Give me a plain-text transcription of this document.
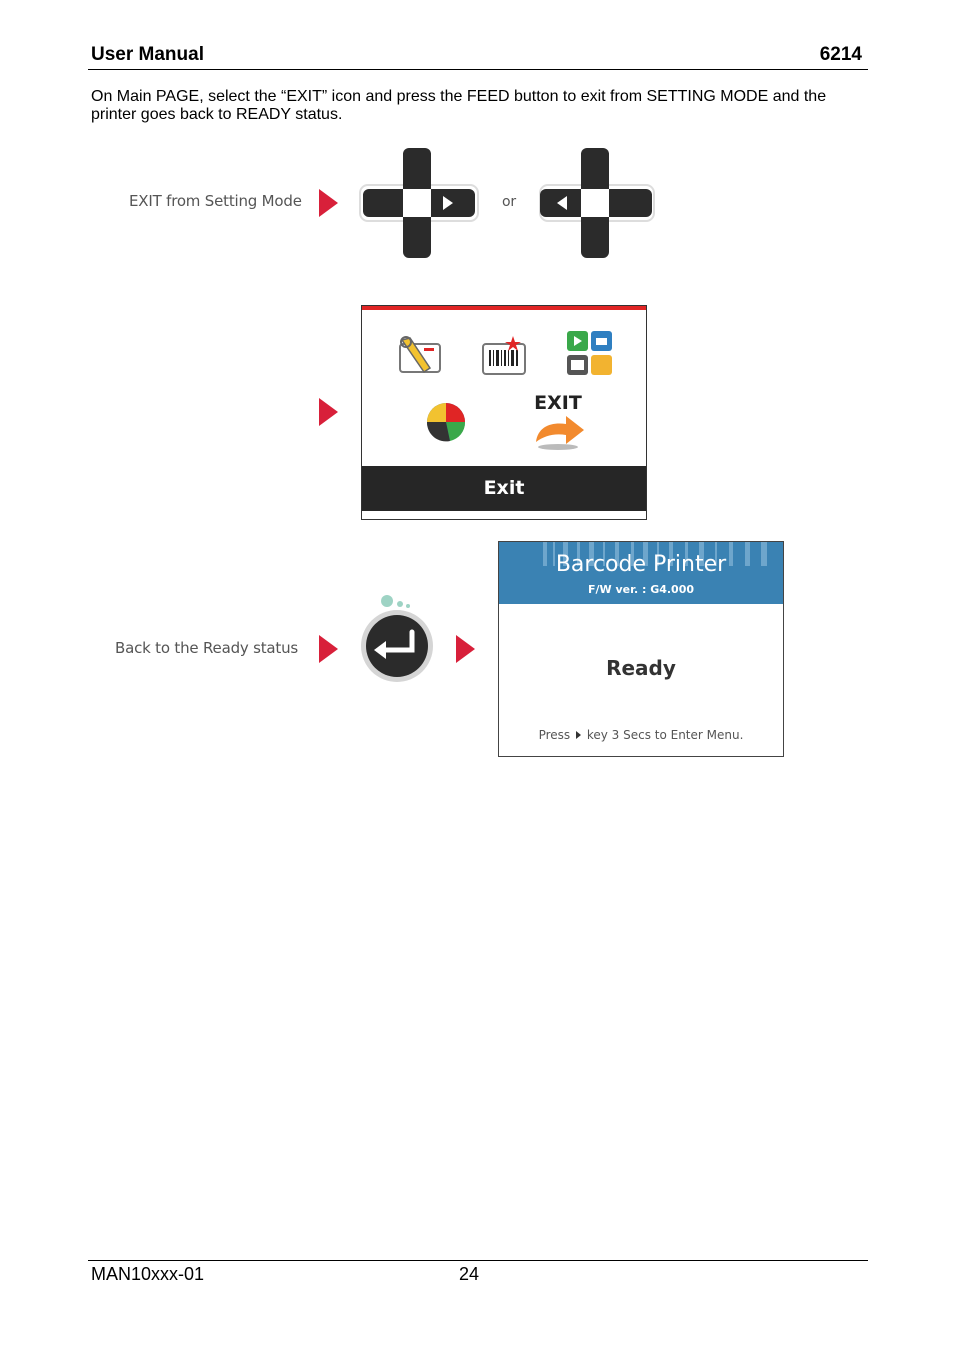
User Manual	6214
On Main PAGE, select the “EXIT” icon and press the FEED button to exit from SETTING MODE and the printer goes back to READY status.
EXIT from Setting Mode	or
EXIT
Exit
Back to the Ready status
Barcode Printer
F/W ver. : G4.000
Ready
Press key 3 Secs to Enter Menu.
MAN10xxx-01	24
